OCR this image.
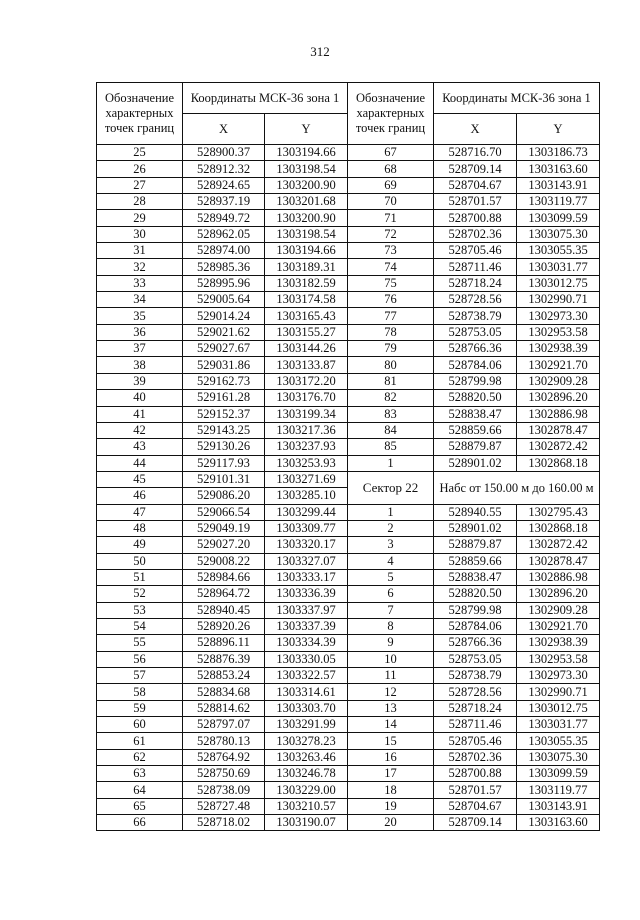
312
Обозначение характерных точек границ	Координаты МСК-36 зона 1		Обозначение характерных точек границ	Координаты МСК-36 зона 1	
	X	Y		X	Y
25	528900.37	1303194.66	67	528716.70	1303186.73
26	528912.32	1303198.54	68	528709.14	1303163.60
27	528924.65	1303200.90	69	528704.67	1303143.91
28	528937.19	1303201.68	70	528701.57	1303119.77
29	528949.72	1303200.90	71	528700.88	1303099.59
30	528962.05	1303198.54	72	528702.36	1303075.30
31	528974.00	1303194.66	73	528705.46	1303055.35
32	528985.36	1303189.31	74	528711.46	1303031.77
33	528995.96	1303182.59	75	528718.24	1303012.75
34	529005.64	1303174.58	76	528728.56	1302990.71
35	529014.24	1303165.43	77	528738.79	1302973.30
36	529021.62	1303155.27	78	528753.05	1302953.58
37	529027.67	1303144.26	79	528766.36	1302938.39
38	529031.86	1303133.87	80	528784.06	1302921.70
39	529162.73	1303172.20	81	528799.98	1302909.28
40	529161.28	1303176.70	82	528820.50	1302896.20
41	529152.37	1303199.34	83	528838.47	1302886.98
42	529143.25	1303217.36	84	528859.66	1302878.47
43	529130.26	1303237.93	85	528879.87	1302872.42
44	529117.93	1303253.93	1	528901.02	1302868.18
45	529101.31	1303271.69	Сектор 22	Набс от 150.00 м до 160.00 м	
46	529086.20	1303285.10			
47	529066.54	1303299.44	1	528940.55	1302795.43
48	529049.19	1303309.77	2	528901.02	1302868.18
49	529027.20	1303320.17	3	528879.87	1302872.42
50	529008.22	1303327.07	4	528859.66	1302878.47
51	528984.66	1303333.17	5	528838.47	1302886.98
52	528964.72	1303336.39	6	528820.50	1302896.20
53	528940.45	1303337.97	7	528799.98	1302909.28
54	528920.26	1303337.39	8	528784.06	1302921.70
55	528896.11	1303334.39	9	528766.36	1302938.39
56	528876.39	1303330.05	10	528753.05	1302953.58
57	528853.24	1303322.57	11	528738.79	1302973.30
58	528834.68	1303314.61	12	528728.56	1302990.71
59	528814.62	1303303.70	13	528718.24	1303012.75
60	528797.07	1303291.99	14	528711.46	1303031.77
61	528780.13	1303278.23	15	528705.46	1303055.35
62	528764.92	1303263.46	16	528702.36	1303075.30
63	528750.69	1303246.78	17	528700.88	1303099.59
64	528738.09	1303229.00	18	528701.57	1303119.77
65	528727.48	1303210.57	19	528704.67	1303143.91
66	528718.02	1303190.07	20	528709.14	1303163.60
